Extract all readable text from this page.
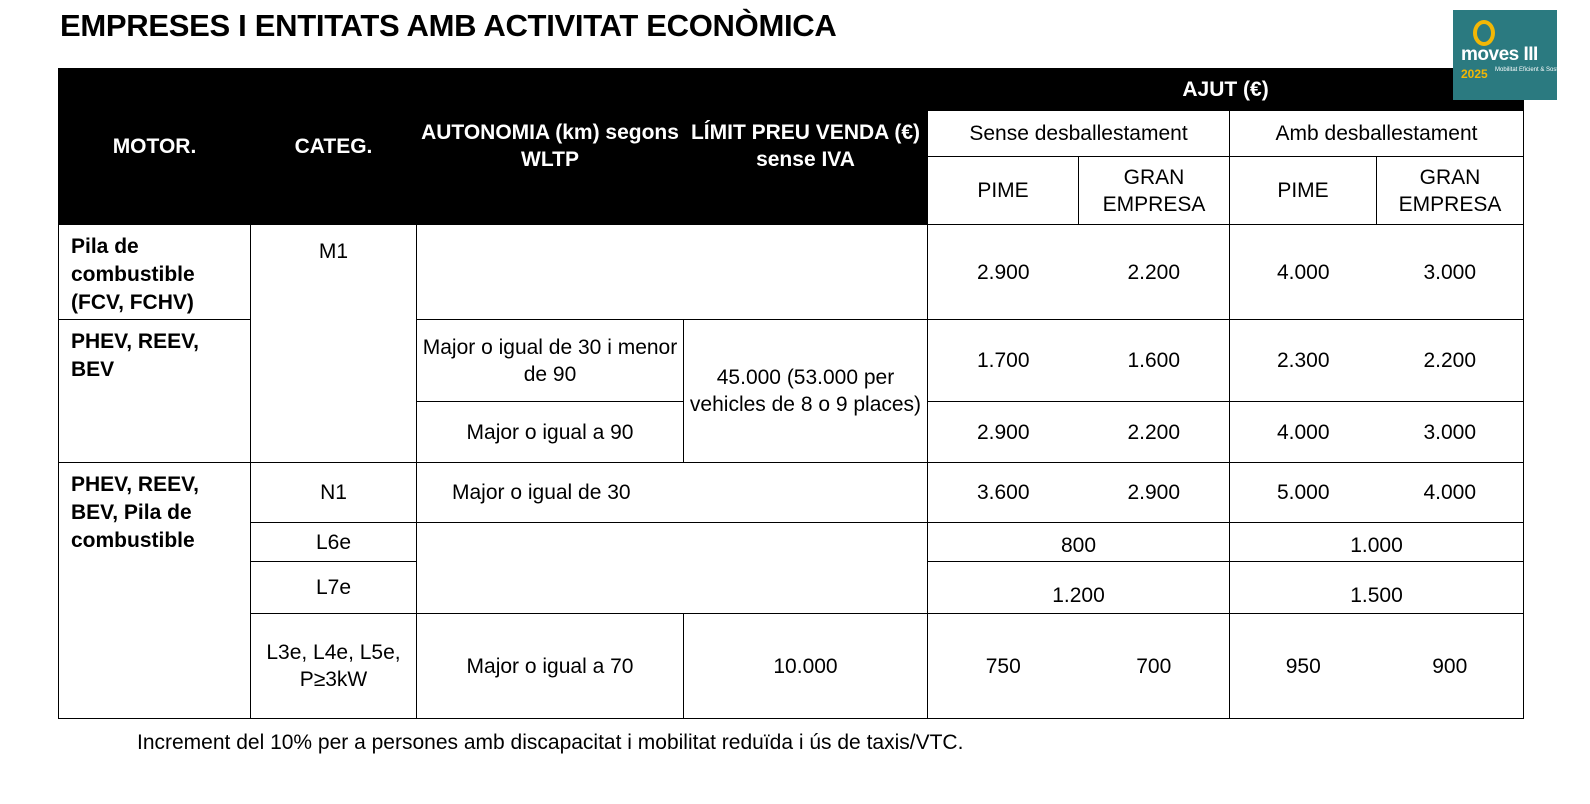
EMPRESES I ENTITATS AMB ACTIVITAT ECONÒMICA
moves III
2025 Mobilitat Eficient & Sostenible
MOTOR.	CATEG.	AUTONOMIA (km) segons WLTP	LÍMIT PREU VENDA (€) sense IVA	AJUT (€)			
				Sense desballestament		Amb desballestament	
				PIME	GRAN EMPRESA	PIME	GRAN EMPRESA
Pila de combustible (FCV, FCHV)	M1			2.900	2.200	4.000	3.000
PHEV, REEV, BEV		Major o igual de 30 i menor de 90	45.000 (53.000 per vehicles de 8 o 9 places)	1.700	1.600	2.300	2.200
		Major o igual a 90		2.900	2.200	4.000	3.000
PHEV, REEV, BEV, Pila de combustible	N1	Major o igual de 30		3.600	2.900	5.000	4.000
	L6e			800		1.000	
	L7e			1.200		1.500	
	L3e, L4e, L5e, P≥3kW	Major o igual a 70	10.000	750	700	950	900
Increment del 10% per a persones amb discapacitat i mobilitat reduïda i ús de taxis/VTC.
